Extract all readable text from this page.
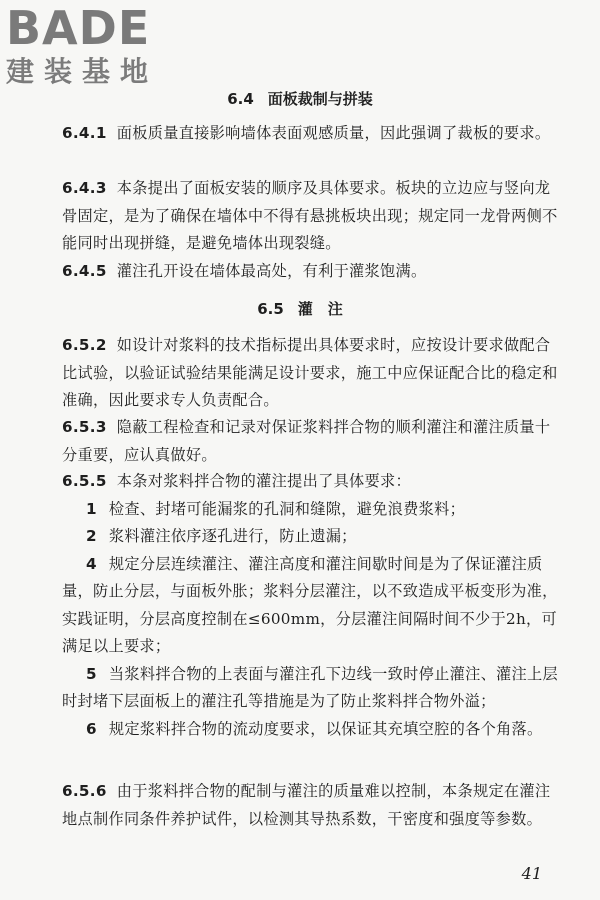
BADE
建装基地
6.4 面板裁制与拼装
6.4.1 面板质量直接影响墙体表面观感质量，因此强调了裁板的要求。
6.4.3 本条提出了面板安装的顺序及具体要求。板块的立边应与竖向龙骨固定，是为了确保在墙体中不得有悬挑板块出现；规定同一龙骨两侧不能同时出现拼缝，是避免墙体出现裂缝。
6.4.5 灌注孔开设在墙体最高处，有利于灌浆饱满。
6.5 灌　注
6.5.2 如设计对浆料的技术指标提出具体要求时，应按设计要求做配合比试验，以验证试验结果能满足设计要求，施工中应保证配合比的稳定和准确，因此要求专人负责配合。
6.5.3 隐蔽工程检查和记录对保证浆料拌合物的顺利灌注和灌注质量十分重要，应认真做好。
6.5.5 本条对浆料拌合物的灌注提出了具体要求：
1 检查、封堵可能漏浆的孔洞和缝隙，避免浪费浆料；
2 浆料灌注依序逐孔进行，防止遗漏；
4 规定分层连续灌注、灌注高度和灌注间歇时间是为了保证灌注质量，防止分层，与面板外胀；浆料分层灌注，以不致造成平板变形为准，实践证明，分层高度控制在≤600mm，分层灌注间隔时间不少于2h，可满足以上要求；
5 当浆料拌合物的上表面与灌注孔下边线一致时停止灌注、灌注上层时封堵下层面板上的灌注孔等措施是为了防止浆料拌合物外溢；
6 规定浆料拌合物的流动度要求，以保证其充填空腔的各个角落。
6.5.6 由于浆料拌合物的配制与灌注的质量难以控制，本条规定在灌注地点制作同条件养护试件，以检测其导热系数，干密度和强度等参数。
41
